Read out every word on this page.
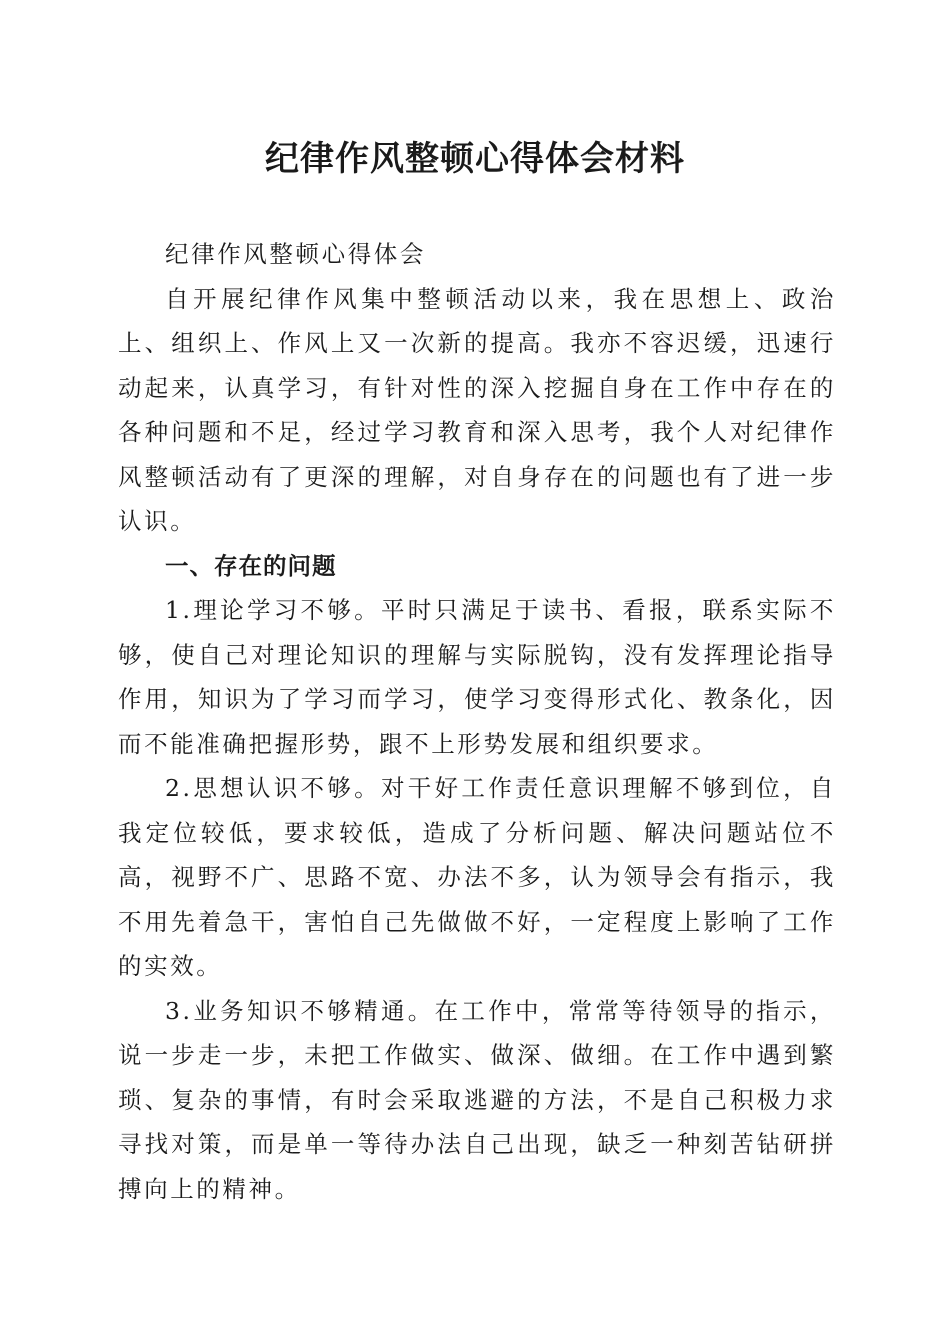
纪律作风整顿心得体会材料

纪律作风整顿心得体会

自开展纪律作风集中整顿活动以来，我在思想上、政治上、组织上、作风上又一次新的提高。我亦不容迟缓，迅速行动起来，认真学习，有针对性的深入挖掘自身在工作中存在的各种问题和不足，经过学习教育和深入思考，我个人对纪律作风整顿活动有了更深的理解，对自身存在的问题也有了进一步认识。

一、存在的问题

1.理论学习不够。平时只满足于读书、看报，联系实际不够，使自己对理论知识的理解与实际脱钩，没有发挥理论指导作用，知识为了学习而学习，使学习变得形式化、教条化，因而不能准确把握形势，跟不上形势发展和组织要求。

2.思想认识不够。对干好工作责任意识理解不够到位，自我定位较低，要求较低，造成了分析问题、解决问题站位不高，视野不广、思路不宽、办法不多，认为领导会有指示，我不用先着急干，害怕自己先做做不好，一定程度上影响了工作的实效。

3.业务知识不够精通。在工作中，常常等待领导的指示，说一步走一步，未把工作做实、做深、做细。在工作中遇到繁琐、复杂的事情，有时会采取逃避的方法，不是自己积极力求寻找对策，而是单一等待办法自己出现，缺乏一种刻苦钻研拼搏向上的精神。
